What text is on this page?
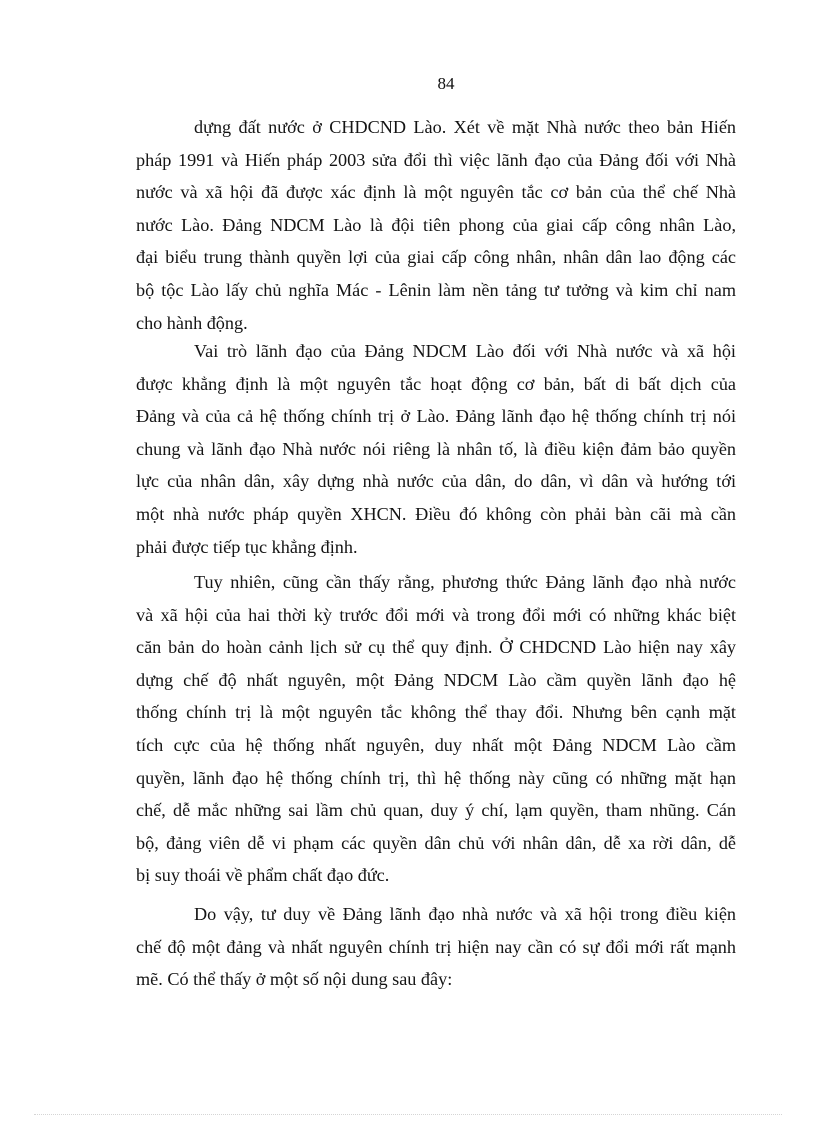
84

dựng đất nước ở CHDCND Lào. Xét về mặt Nhà nước theo bản Hiến
pháp 1991 và Hiến pháp 2003 sửa đổi thì việc lãnh đạo của Đảng đối với Nhà
nước và xã hội đã được xác định là một nguyên tắc cơ bản của thể chế Nhà
nước Lào. Đảng NDCM Lào là đội tiên phong của giai cấp công nhân Lào,
đại biểu trung thành quyền lợi của giai cấp công nhân, nhân dân lao động các
bộ tộc Lào lấy chủ nghĩa Mác - Lênin làm nền tảng tư tưởng và kim chỉ nam
cho hành động.

Vai trò lãnh đạo của Đảng NDCM Lào đối với Nhà nước và xã hội
được khẳng định là một nguyên tắc hoạt động cơ bản, bất di bất dịch của
Đảng và của cả hệ thống chính trị ở Lào. Đảng lãnh đạo hệ thống chính trị nói
chung và lãnh đạo Nhà nước nói riêng là nhân tố, là điều kiện đảm bảo quyền
lực của nhân dân, xây dựng nhà nước của dân, do dân, vì dân và hướng tới
một nhà nước pháp quyền XHCN. Điều đó không còn phải bàn cãi mà cần
phải được tiếp tục khẳng định.

Tuy nhiên, cũng cần thấy rằng, phương thức Đảng lãnh đạo nhà nước
và xã hội của hai thời kỳ trước đổi mới và trong đổi mới có những khác biệt
căn bản do hoàn cảnh lịch sử cụ thể quy định. Ở CHDCND Lào hiện nay xây
dựng chế độ nhất nguyên, một Đảng NDCM Lào cầm quyền lãnh đạo hệ
thống chính trị là một nguyên tắc không thể thay đổi. Nhưng bên cạnh mặt
tích cực của hệ thống nhất nguyên, duy nhất một Đảng NDCM Lào cầm
quyền, lãnh đạo hệ thống chính trị, thì hệ thống này cũng có những mặt hạn
chế, dễ mắc những sai lầm chủ quan, duy ý chí, lạm quyền, tham nhũng. Cán
bộ, đảng viên dễ vi phạm các quyền dân chủ với nhân dân, dễ xa rời dân, dễ
bị suy thoái về phẩm chất đạo đức.

Do vậy, tư duy về Đảng lãnh đạo nhà nước và xã hội trong điều kiện
chế độ một đảng và nhất nguyên chính trị hiện nay cần có sự đổi mới rất mạnh
mẽ. Có thể thấy ở một số nội dung sau đây:
